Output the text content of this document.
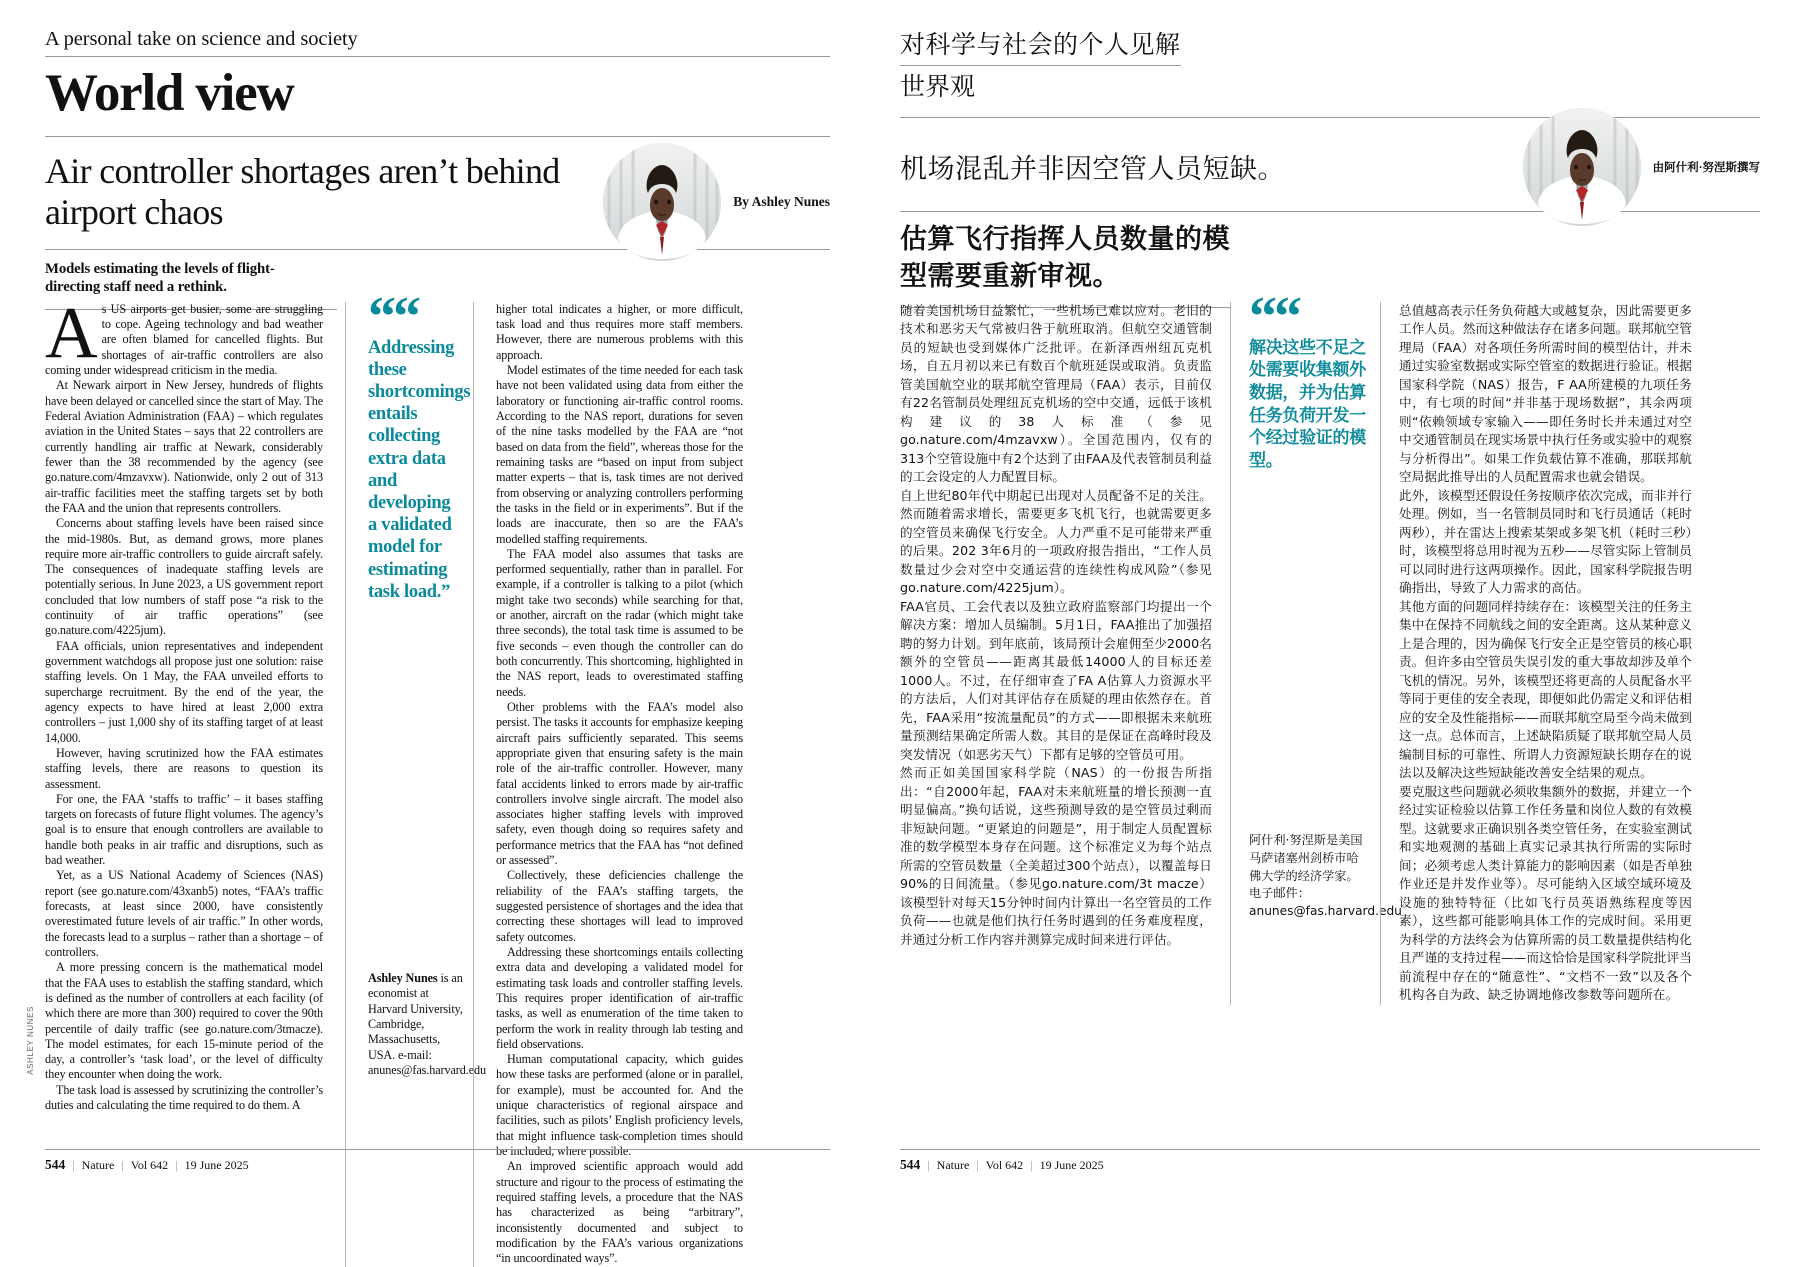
ASHLEY NUNES
A personal take on science and society
World view
Air controller shortages aren’t behind airport chaos	By Ashley Nunes
Models estimating the levels of flight-directing staff need a rethink.

As US airports get busier, some are struggling to cope. Ageing technology and bad weather are often blamed for cancelled flights. But shortages of air-traffic controllers are also coming under widespread criticism in the media.

At Newark airport in New Jersey, hundreds of flights have been delayed or cancelled since the start of May. The Federal Aviation Administration (FAA) – which regulates aviation in the United States – says that 22 controllers are currently handling air traffic at Newark, considerably fewer than the 38 recommended by the agency (see go.nature.com/4mzavxw). Nationwide, only 2 out of 313 air-traffic facilities meet the staffing targets set by both the FAA and the union that represents controllers.

Concerns about staffing levels have been raised since the mid-1980s. But, as demand grows, more planes require more air-traffic controllers to guide aircraft safely. The consequences of inadequate staffing levels are potentially serious. In June 2023, a US government report concluded that low numbers of staff pose “a risk to the continuity of air traffic operations” (see go.nature.com/4225jum).

FAA officials, union representatives and independent government watchdogs all propose just one solution: raise staffing levels. On 1 May, the FAA unveiled efforts to supercharge recruitment. By the end of the year, the agency expects to have hired at least 2,000 extra controllers – just 1,000 shy of its staffing target of at least 14,000.

However, having scrutinized how the FAA estimates staffing levels, there are reasons to question its assessment.

For one, the FAA ‘staffs to traffic’ – it bases staffing targets on forecasts of future flight volumes. The agency’s goal is to ensure that enough controllers are available to handle both peaks in air traffic and disruptions, such as bad weather.

Yet, as a US National Academy of Sciences (NAS) report (see go.nature.com/43xanb5) notes, “FAA’s traffic forecasts, at least since 2000, have consistently overestimated future levels of air traffic.” In other words, the forecasts lead to a surplus – rather than a shortage – of controllers.

A more pressing concern is the mathematical model that the FAA uses to establish the staffing standard, which is defined as the number of controllers at each facility (of which there are more than 300) required to cover the 90th percentile of daily traffic (see go.nature.com/3tmacze). The model estimates, for each 15-minute period of the day, a controller’s ‘task load’, or the level of difficulty they encounter when doing the work.

The task load is assessed by scrutinizing the controller’s duties and calculating the time required to do them. A

““
Addressing these shortcomings entails collecting extra data and developing a validated model for estimating task load.”
Ashley Nunes is an economist at Harvard University, Cambridge, Massachusetts, USA. e-mail: anunes@fas.harvard.edu

higher total indicates a higher, or more difficult, task load and thus requires more staff members. However, there are numerous problems with this approach.

Model estimates of the time needed for each task have not been validated using data from either the laboratory or functioning air-traffic control rooms. According to the NAS report, durations for seven of the nine tasks modelled by the FAA are “not based on data from the field”, whereas those for the remaining tasks are “based on input from subject matter experts – that is, task times are not derived from observing or analyzing controllers performing the tasks in the field or in experiments”. But if the loads are inaccurate, then so are the FAA’s modelled staffing requirements.

The FAA model also assumes that tasks are performed sequentially, rather than in parallel. For example, if a controller is talking to a pilot (which might take two seconds) while searching for that, or another, aircraft on the radar (which might take three seconds), the total task time is assumed to be five seconds – even though the controller can do both concurrently. This shortcoming, highlighted in the NAS report, leads to overestimated staffing needs.

Other problems with the FAA’s model also persist. The tasks it accounts for emphasize keeping aircraft pairs sufficiently separated. This seems appropriate given that ensuring safety is the main role of the air-traffic controller. However, many fatal accidents linked to errors made by air-traffic controllers involve single aircraft. The model also associates higher staffing levels with improved safety, even though doing so requires safety and performance metrics that the FAA has “not defined or assessed”.

Collectively, these deficiencies challenge the reliability of the FAA’s staffing targets, the suggested persistence of shortages and the idea that correcting these shortages will lead to improved safety outcomes.

Addressing these shortcomings entails collecting extra data and developing a validated model for estimating task loads and controller staffing levels. This requires proper identification of air-traffic tasks, as well as enumeration of the time taken to perform the work in reality through lab testing and field observations.

Human computational capacity, which guides how these tasks are performed (alone or in parallel, for example), must be accounted for. And the unique characteristics of regional airspace and facilities, such as pilots’ English proficiency levels, that might influence task-completion times should be included, where possible.

An improved scientific approach would add structure and rigour to the process of estimating the required staffing levels, a procedure that the NAS has characterized as being “arbitrary”, inconsistently documented and subject to modification by the FAA’s various organizations “in uncoordinated ways”.

544 | Nature | Vol 642 | 19 June 2025
对科学与社会的个人见解
世界观
机场混乱并非因空管人员短缺。	由阿什利·努涅斯撰写
估算飞行指挥人员数量的模型需要重新审视。

随着美国机场日益繁忙，一些机场已难以应对。老旧的技术和恶劣天气常被归咎于航班取消。但航空交通管制员的短缺也受到媒体广泛批评。在新泽西州纽瓦克机场，自五月初以来已有数百个航班延误或取消。负责监管美国航空业的联邦航空管理局（FAA）表示，目前仅有22名管制员处理纽瓦克机场的空中交通，远低于该机构建议的38人标准（参见go.nature.com/4mzavxw）。全国范围内，仅有的313个空管设施中有2个达到了由FAA及代表管制员利益的工会设定的人力配置目标。

自上世纪80年代中期起已出现对人员配备不足的关注。然而随着需求增长，需要更多飞机飞行，也就需要更多的空管员来确保飞行安全。人力严重不足可能带来严重的后果。202 3年6月的一项政府报告指出，“工作人员数量过少会对空中交通运营的连续性构成风险”（参见go.nature.com/4225jum）。

FAA官员、工会代表以及独立政府监察部门均提出一个解决方案：增加人员编制。5月1日，FAA推出了加强招聘的努力计划。到年底前，该局预计会雇佣至少2000名额外的空管员——距离其最低14000人的目标还差1000人。不过，在仔细审查了FA A估算人力资源水平的方法后，人们对其评估存在质疑的理由依然存在。首先，FAA采用“按流量配员”的方式——即根据未来航班量预测结果确定所需人数。其目的是保证在高峰时段及突发情况（如恶劣天气）下都有足够的空管员可用。

然而正如美国国家科学院（NAS）的一份报告所指出：“自2000年起，FAA对未来航班量的增长预测一直明显偏高。”换句话说，这些预测导致的是空管员过剩而非短缺问题。“更紧迫的问题是”，用于制定人员配置标准的数学模型本身存在问题。这个标准定义为每个站点所需的空管员数量（全美超过300个站点），以覆盖每日90%的日间流量。（参见go.nature.com/3t macze）该模型针对每天15分钟时间内计算出一名空管员的工作负荷——也就是他们执行任务时遇到的任务难度程度，并通过分析工作内容并测算完成时间来进行评估。

““
解决这些不足之处需要收集额外数据，并为估算任务负荷开发一个经过验证的模型。
阿什利·努涅斯是美国马萨诸塞州剑桥市哈佛大学的经济学家。电子邮件：anunes@fas.harvard.edu

总值越高表示任务负荷越大或越复杂，因此需要更多工作人员。然而这种做法存在诸多问题。联邦航空管理局（FAA）对各项任务所需时间的模型估计，并未通过实验室数据或实际空管室的数据进行验证。根据国家科学院（NAS）报告，F AA所建模的九项任务中，有七项的时间“并非基于现场数据”，其余两项则“依赖领域专家输入——即任务时长并未通过对空中交通管制员在现实场景中执行任务或实验中的观察与分析得出”。如果工作负载估算不准确，那联邦航空局据此推导出的人员配置需求也就会错误。

此外，该模型还假设任务按顺序依次完成，而非并行处理。例如，当一名管制员同时和飞行员通话（耗时两秒），并在雷达上搜索某架或多架飞机（耗时三秒）时，该模型将总用时视为五秒——尽管实际上管制员可以同时进行这两项操作。因此，国家科学院报告明确指出，导致了人力需求的高估。

其他方面的问题同样持续存在：该模型关注的任务主集中在保持不同航线之间的安全距离。这从某种意义上是合理的，因为确保飞行安全正是空管员的核心职责。但许多由空管员失误引发的重大事故却涉及单个飞机的情况。另外，该模型还将更高的人员配备水平等同于更佳的安全表现，即便如此仍需定义和评估相应的安全及性能指标——而联邦航空局至今尚未做到这一点。总体而言，上述缺陷质疑了联邦航空局人员编制目标的可靠性、所谓人力资源短缺长期存在的说法以及解决这些短缺能改善安全结果的观点。

要克服这些问题就必须收集额外的数据，并建立一个经过实证检验以估算工作任务量和岗位人数的有效模型。这就要求正确识别各类空管任务，在实验室测试和实地观测的基础上真实记录其执行所需的实际时间；必须考虑人类计算能力的影响因素（如是否单独作业还是并发作业等）。尽可能纳入区域空域环境及设施的独特特征（比如飞行员英语熟练程度等因素），这些都可能影响具体工作的完成时间。采用更为科学的方法终会为估算所需的员工数量提供结构化且严谨的支持过程——而这恰恰是国家科学院批评当前流程中存在的“随意性”、“文档不一致”以及各个机构各自为政、缺乏协调地修改参数等问题所在。

544 | Nature | Vol 642 | 19 June 2025
